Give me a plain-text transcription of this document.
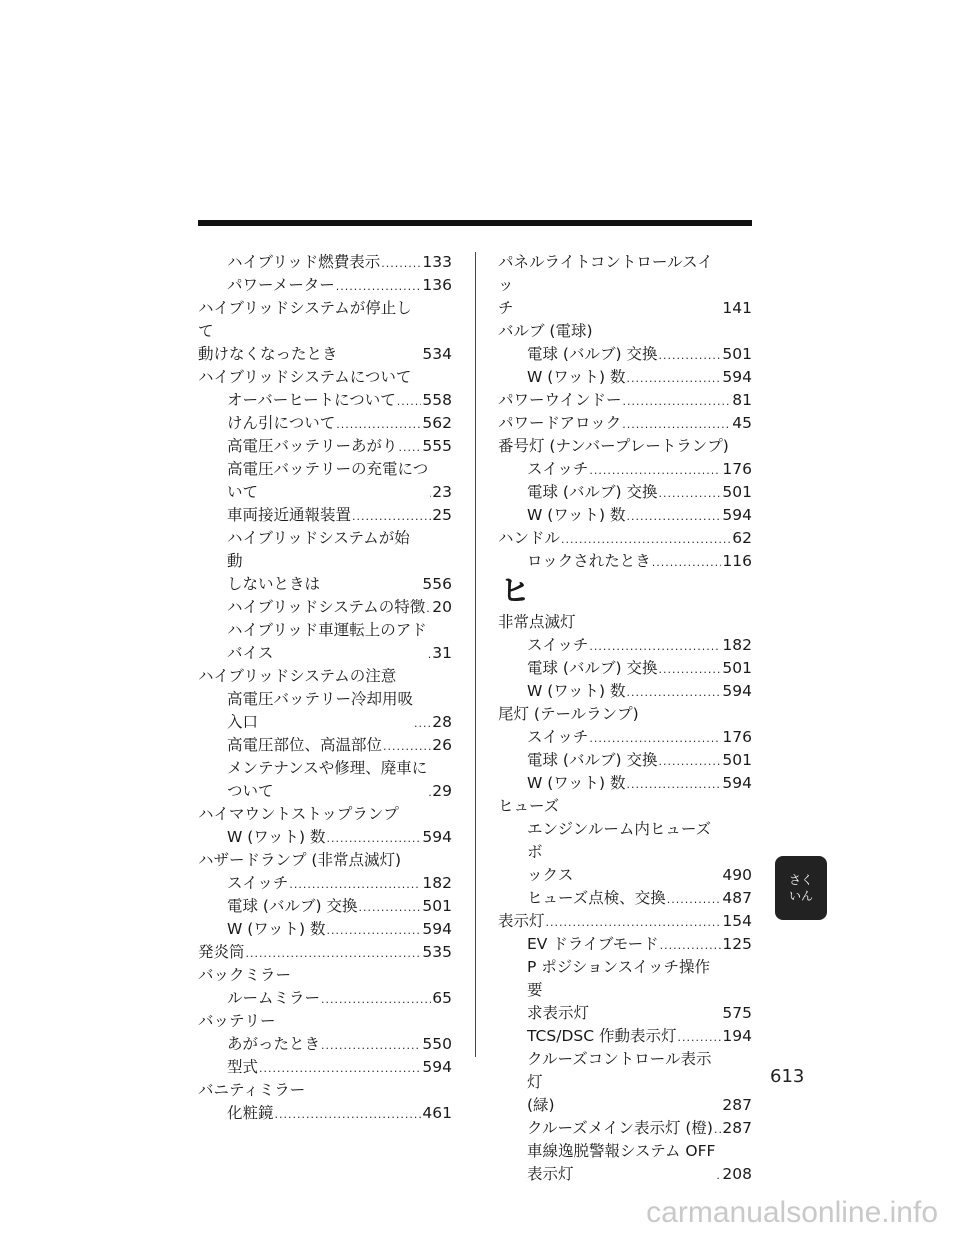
ハイブリッド燃費表示 .....	133
パワーメーター .....	136
ハイブリッドシステムが停止して
動けなくなったとき	534
ハイブリッドシステムについて
オーバーヒートについて ..... 558
けん引について .....	562
高電圧バッテリーあがり ..... 555
高電圧バッテリーの充電につ
いて .....	23
車両接近通報装置 .....	25
ハイブリッドシステムが始動
しないときは	556
ハイブリッドシステムの特徴 ..... 20
ハイブリッド車運転上のアド
バイス .....	31
ハイブリッドシステムの注意
高電圧バッテリー冷却用吸
入口 .....	28
高電圧部位、高温部位 .....	26
メンテナンスや修理、廃車に
ついて .....	29
ハイマウントストップランプ
W (ワット) 数 .....	594
ハザードランプ (非常点滅灯)
スイッチ .....	182
電球 (バルブ) 交換 .....	501
W (ワット) 数 .....	594
発炎筒 .....	535
バックミラー
ルームミラー .....	65
バッテリー
あがったとき .....	550
型式 .....	594
バニティミラー
化粧鏡 .....	461
パネルライトコントロールスイッ
チ	141
バルブ (電球)
電球 (バルブ) 交換 .....	501
W (ワット) 数 .....	594
パワーウインドー .....	81
パワードアロック .....	45
番号灯 (ナンバープレートランプ)
スイッチ .....	176
電球 (バルブ) 交換 .....	501
W (ワット) 数 .....	594
ハンドル .....	62
ロックされたとき .....	116
ヒ
非常点滅灯
スイッチ .....	182
電球 (バルブ) 交換 .....	501
W (ワット) 数 .....	594
尾灯 (テールランプ)
スイッチ .....	176
電球 (バルブ) 交換 .....	501
W (ワット) 数 .....	594
ヒューズ
エンジンルーム内ヒューズボ
ックス	490
ヒューズ点検、交換 .....	487
表示灯 .....	154
EV ドライブモード .....	125
P ポジションスイッチ操作要
求表示灯	575
TCS/DSC 作動表示灯 .....	194
クルーズコントロール表示灯
(緑)	287
クルーズメイン表示灯 (橙) ..... 287
車線逸脱警報システム OFF
表示灯 .....	208
さく
いん
613
carmanualsonline.info
